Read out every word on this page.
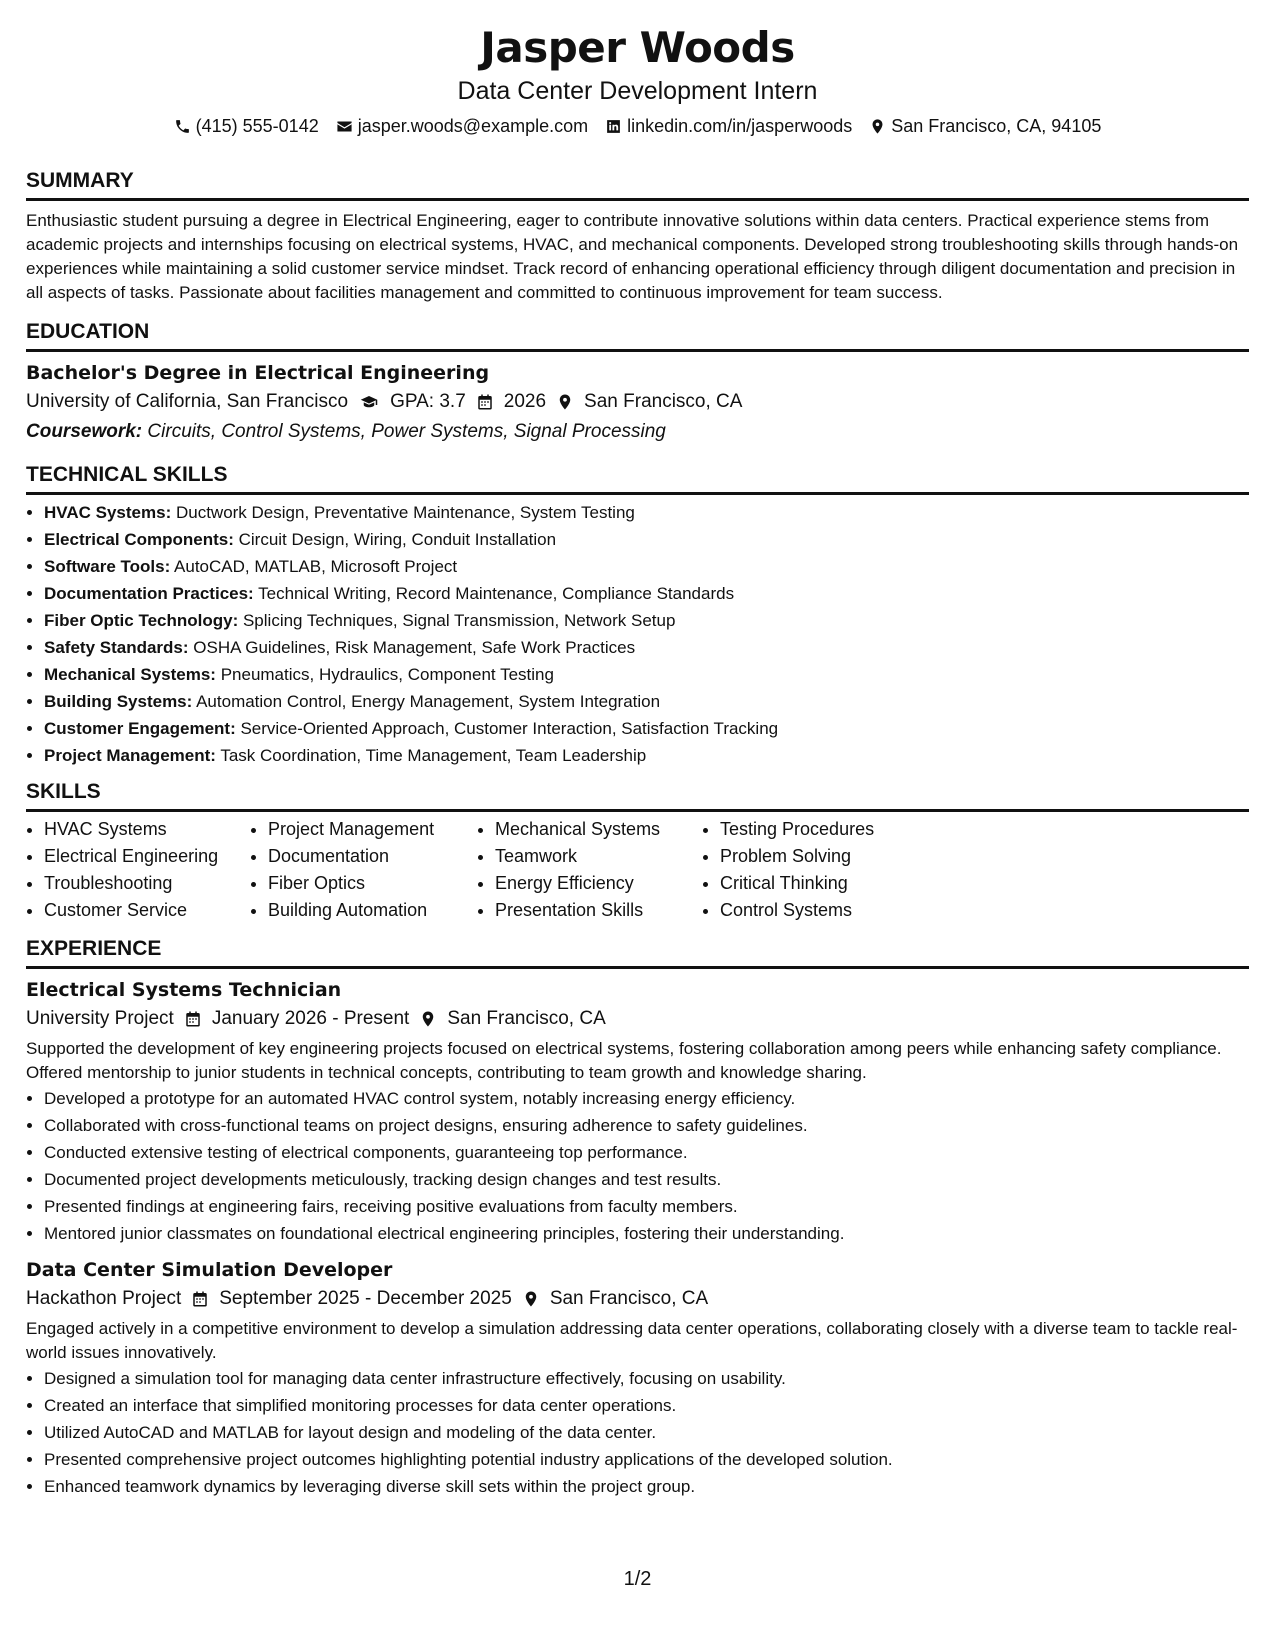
Jasper Woods
Data Center Development Intern
(415) 555-0142 jasper.woods@example.com linkedin.com/in/jasperwoods San Francisco, CA, 94105
SUMMARY

Enthusiastic student pursuing a degree in Electrical Engineering, eager to contribute innovative solutions within data centers. Practical experience stems from academic projects and internships focusing on electrical systems, HVAC, and mechanical components. Developed strong troubleshooting skills through hands-on experiences while maintaining a solid customer service mindset. Track record of enhancing operational efficiency through diligent documentation and precision in all aspects of tasks. Passionate about facilities management and committed to continuous improvement for team success.

EDUCATION
Bachelor's Degree in Electrical Engineering
University of California, San Francisco GPA: 3.7 2026 San Francisco, CA
Coursework: Circuits, Control Systems, Power Systems, Signal Processing
TECHNICAL SKILLS
• HVAC Systems: Ductwork Design, Preventative Maintenance, System Testing
• Electrical Components: Circuit Design, Wiring, Conduit Installation
• Software Tools: AutoCAD, MATLAB, Microsoft Project
• Documentation Practices: Technical Writing, Record Maintenance, Compliance Standards
• Fiber Optic Technology: Splicing Techniques, Signal Transmission, Network Setup
• Safety Standards: OSHA Guidelines, Risk Management, Safe Work Practices
• Mechanical Systems: Pneumatics, Hydraulics, Component Testing
• Building Systems: Automation Control, Energy Management, System Integration
• Customer Engagement: Service-Oriented Approach, Customer Interaction, Satisfaction Tracking
• Project Management: Task Coordination, Time Management, Team Leadership
SKILLS
• HVAC Systems
• Electrical Engineering
• Troubleshooting
• Customer Service
• Project Management
• Documentation
• Fiber Optics
• Building Automation
• Mechanical Systems
• Teamwork
• Energy Efficiency
• Presentation Skills
• Testing Procedures
• Problem Solving
• Critical Thinking
• Control Systems
EXPERIENCE
Electrical Systems Technician
University Project January 2026 - Present San Francisco, CA

Supported the development of key engineering projects focused on electrical systems, fostering collaboration among peers while enhancing safety compliance. Offered mentorship to junior students in technical concepts, contributing to team growth and knowledge sharing.

• Developed a prototype for an automated HVAC control system, notably increasing energy efficiency.
• Collaborated with cross-functional teams on project designs, ensuring adherence to safety guidelines.
• Conducted extensive testing of electrical components, guaranteeing top performance.
• Documented project developments meticulously, tracking design changes and test results.
• Presented findings at engineering fairs, receiving positive evaluations from faculty members.
• Mentored junior classmates on foundational electrical engineering principles, fostering their understanding.
Data Center Simulation Developer
Hackathon Project September 2025 - December 2025 San Francisco, CA

Engaged actively in a competitive environment to develop a simulation addressing data center operations, collaborating closely with a diverse team to tackle real-world issues innovatively.

• Designed a simulation tool for managing data center infrastructure effectively, focusing on usability.
• Created an interface that simplified monitoring processes for data center operations.
• Utilized AutoCAD and MATLAB for layout design and modeling of the data center.
• Presented comprehensive project outcomes highlighting potential industry applications of the developed solution.
• Enhanced teamwork dynamics by leveraging diverse skill sets within the project group.
1/2
